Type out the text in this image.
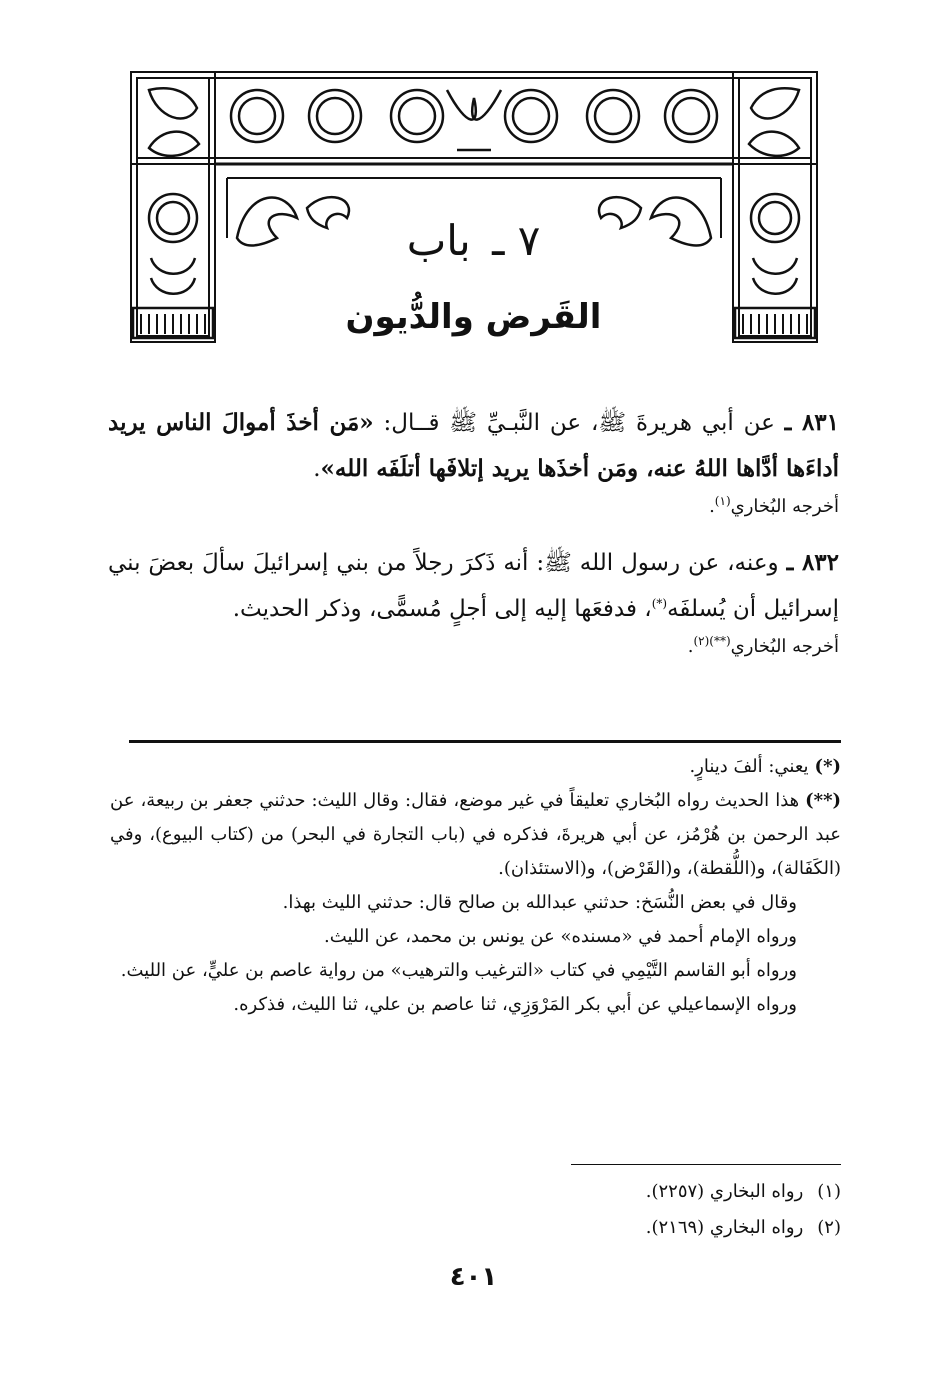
٧ ـ باب
القَرض والدُّيون

٨٣١ ـ عن أبي هريرةَ ﷺ، عن النَّبـيِّ ﷺ قــال: «مَن أخذَ أموالَ الناس يريد أداءَها أدَّاها اللهُ عنه، ومَن أخذَها يريد إتلافَها أتلَفَه الله».

أخرجه البُخاري$^{(١)}$.

٨٣٢ ـ وعنه، عن رسول الله ﷺ: أنه ذَكرَ رجلاً من بني إسرائيلَ سألَ بعضَ بني إسرائيل أن يُسلفَه(*)، فدفعَها إليه إلى أجلٍ مُسمًّى، وذكر الحديث.

أخرجه البُخاري$^{(**)(٢)}$.

(*)يعني: ألفَ دينارٍ.

(**)هذا الحديث رواه البُخاري تعليقاً في غير موضع، فقال: وقال الليث: حدثني جعفر بن ربيعة، عن عبد الرحمن بن هُرْمُز، عن أبي هريرةَ، فذكره في (باب التجارة في البحر) من (كتاب البيوع)، وفي (الكَفَالة)، و(اللُّقطة)، و(القَرْض)، و(الاستئذان).

وقال في بعض النُّسَخ: حدثني عبدالله بن صالح قال: حدثني الليث بهذا.

ورواه الإمام أحمد في «مسنده» عن يونس بن محمد، عن الليث.

ورواه أبو القاسم التَّيْمِي في كتاب «الترغيب والترهيب» من رواية عاصم بن عليٍّ، عن الليث.

ورواه الإسماعيلي عن أبي بكر المَرْوَزِي، ثنا عاصم بن علي، ثنا الليث، فذكره.

(١)رواه البخاري (٢٢٥٧).

(٢)رواه البخاري (٢١٦٩).

٤٠١
